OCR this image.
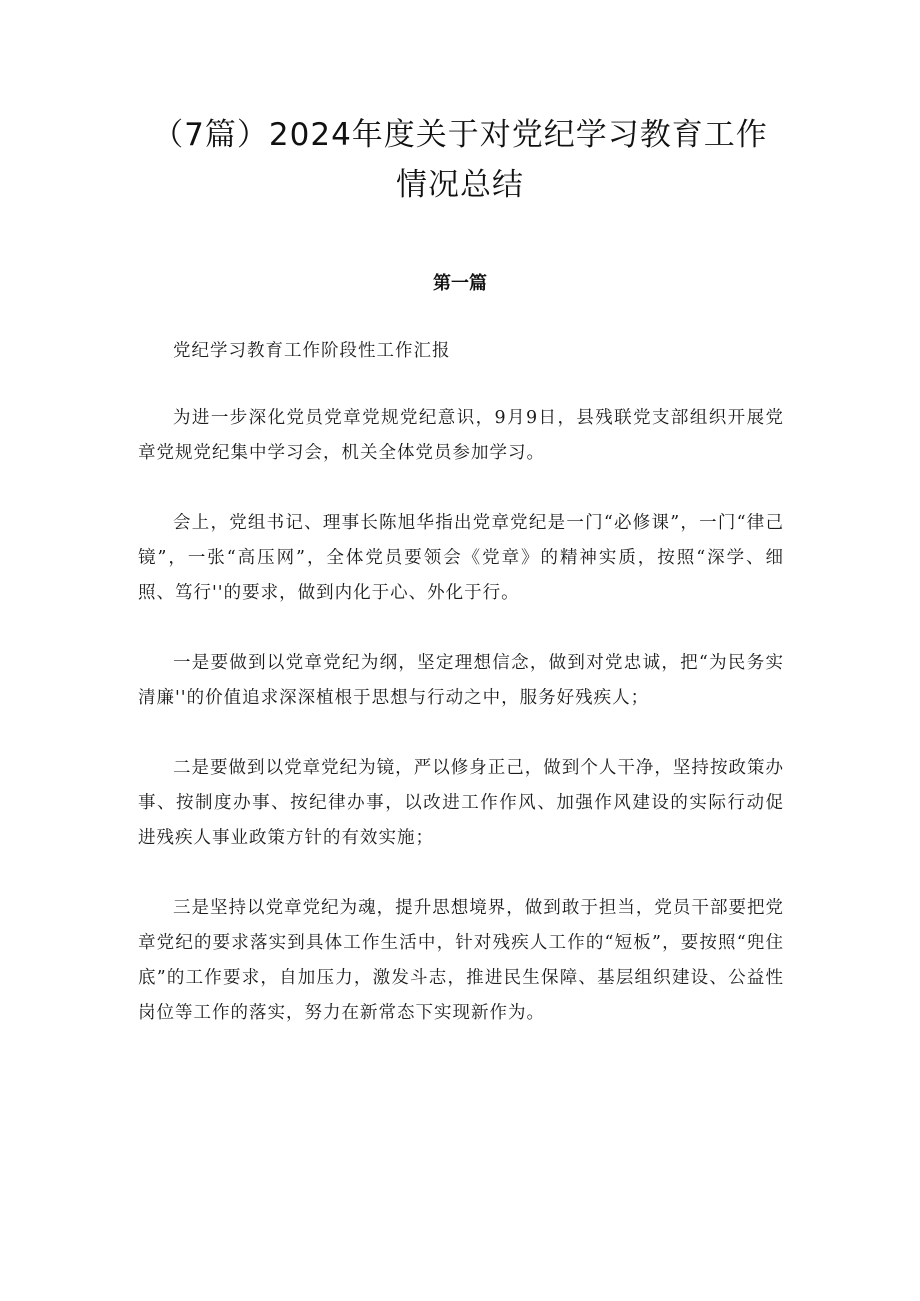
（7篇）2024年度关于对党纪学习教育工作
情况总结
第一篇

党纪学习教育工作阶段性工作汇报

为进一步深化党员党章党规党纪意识，9月9日，县残联党支部组织开展党章党规党纪集中学习会，机关全体党员参加学习。

会上，党组书记、理事长陈旭华指出党章党纪是一门“必修课”，一门“律己镜”，一张“高压网”，全体党员要领会《党章》的精神实质，按照“深学、细照、笃行''的要求，做到内化于心、外化于行。

一是要做到以党章党纪为纲，坚定理想信念，做到对党忠诚，把“为民务实清廉''的价值追求深深植根于思想与行动之中，服务好残疾人；

二是要做到以党章党纪为镜，严以修身正己，做到个人干净，坚持按政策办事、按制度办事、按纪律办事，以改进工作作风、加强作风建设的实际行动促进残疾人事业政策方针的有效实施；

三是坚持以党章党纪为魂，提升思想境界，做到敢于担当，党员干部要把党章党纪的要求落实到具体工作生活中，针对残疾人工作的“短板”，要按照“兜住底”的工作要求，自加压力，激发斗志，推进民生保障、基层组织建设、公益性岗位等工作的落实，努力在新常态下实现新作为。
